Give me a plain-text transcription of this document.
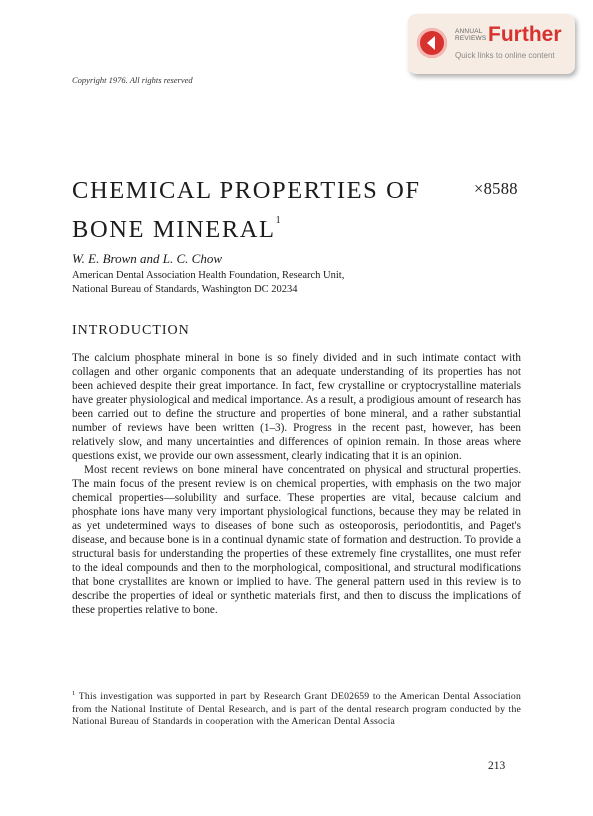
ANNUAL
REVIEWS Further
Quick links to online content
Copyright 1976. All rights reserved
CHEMICAL PROPERTIES OF BONE $MINERAL^1$
×8588
W. E. Brown and L. C. Chow
American Dental Association Health Foundation, Research Unit,
National Bureau of Standards, Washington DC 20234
INTRODUCTION

The calcium phosphate mineral in bone is so finely divided and in such intimate contact with collagen and other organic components that an adequate understanding of its properties has not been achieved despite their great importance. In fact, few crystalline or cryptocrystalline materials have greater physiological and medical importance. As a result, a prodigious amount of research has been carried out to define the structure and properties of bone mineral, and a rather substantial number of reviews have been written (1–3). Progress in the recent past, however, has been relatively slow, and many uncertainties and differences of opinion remain. In those areas where questions exist, we provide our own assessment, clearly indicating that it is an opinion.

Most recent reviews on bone mineral have concentrated on physical and structural properties. The main focus of the present review is on chemical properties, with emphasis on the two major chemical properties—solubility and surface. These properties are vital, because calcium and phosphate ions have many very important physiological functions, because they may be related in as yet undetermined ways to diseases of bone such as osteoporosis, periodontitis, and Paget's disease, and because bone is in a continual dynamic state of formation and destruction. To provide a structural basis for understanding the properties of these extremely fine crystallites, one must refer to the ideal compounds and then to the morphological, compositional, and structural modifications that bone crystallites are known or implied to have. The general pattern used in this review is to describe the properties of ideal or synthetic materials first, and then to discuss the implications of these properties relative to bone.

$^1$ This investigation was supported in part by Research Grant DE02659 to the American Dental Association from the National Institute of Dental Research, and is part of the dental research program conducted by the National Bureau of Standards in cooperation with the American Dental Associa
213
